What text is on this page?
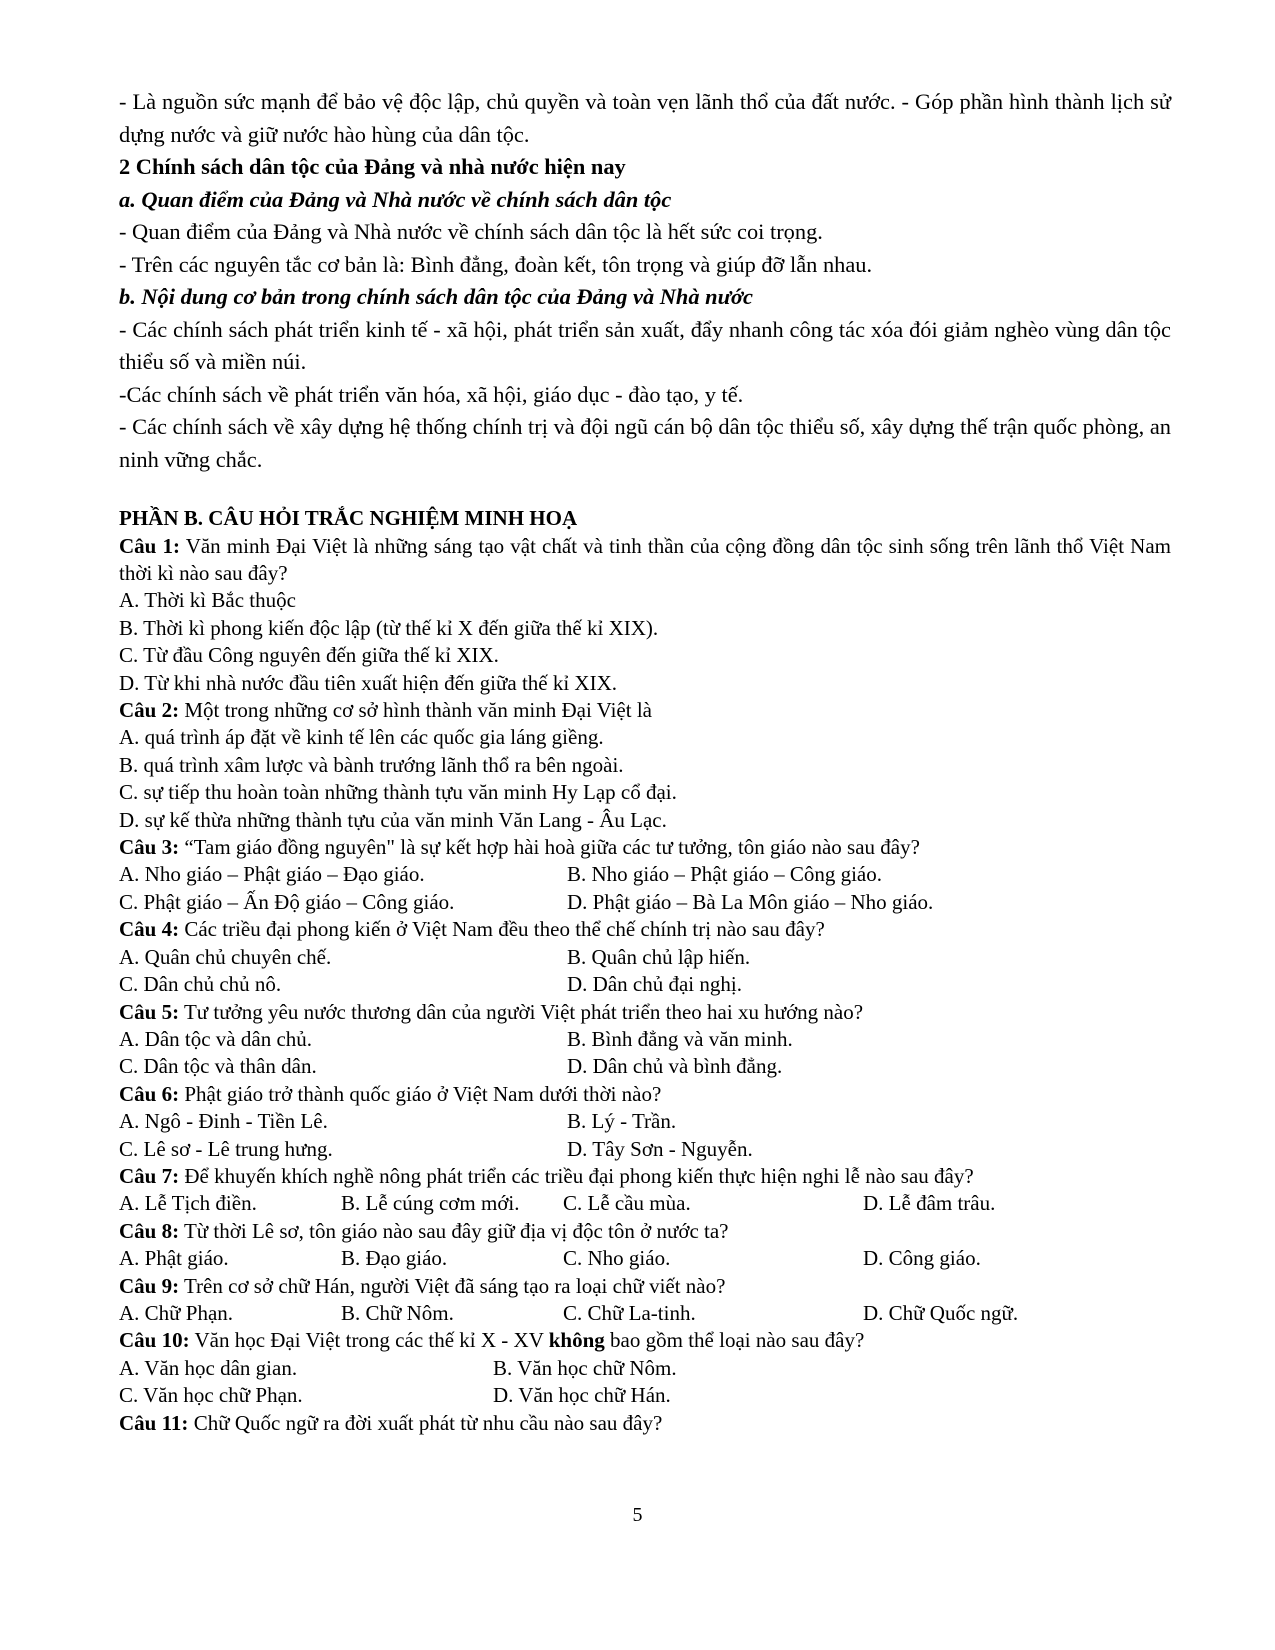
- Là nguồn sức mạnh để bảo vệ độc lập, chủ quyền và toàn vẹn lãnh thổ của đất nước. - Góp phần hình thành lịch sử dựng nước và giữ nước hào hùng của dân tộc.

2 Chính sách dân tộc của Đảng và nhà nước hiện nay
a. Quan điểm của Đảng và Nhà nước về chính sách dân tộc

- Quan điểm của Đảng và Nhà nước về chính sách dân tộc là hết sức coi trọng.

- Trên các nguyên tắc cơ bản là: Bình đẳng, đoàn kết, tôn trọng và giúp đỡ lẫn nhau.

b. Nội dung cơ bản trong chính sách dân tộc của Đảng và Nhà nước

- Các chính sách phát triển kinh tế - xã hội, phát triển sản xuất, đẩy nhanh công tác xóa đói giảm nghèo vùng dân tộc thiểu số và miền núi.

-Các chính sách về phát triển văn hóa, xã hội, giáo dục - đào tạo, y tế.

- Các chính sách về xây dựng hệ thống chính trị và đội ngũ cán bộ dân tộc thiểu số, xây dựng thế trận quốc phòng, an ninh vững chắc.

PHẦN B. CÂU HỎI TRẮC NGHIỆM MINH HOẠ

Câu 1: Văn minh Đại Việt là những sáng tạo vật chất và tinh thần của cộng đồng dân tộc sinh sống trên lãnh thổ Việt Nam thời kì nào sau đây?

A. Thời kì Bắc thuộc

B. Thời kì phong kiến độc lập (từ thế kỉ X đến giữa thế kỉ XIX).

C. Từ đầu Công nguyên đến giữa thế kỉ XIX.

D. Từ khi nhà nước đầu tiên xuất hiện đến giữa thế kỉ XIX.

Câu 2: Một trong những cơ sở hình thành văn minh Đại Việt là

A. quá trình áp đặt về kinh tế lên các quốc gia láng giềng.

B. quá trình xâm lược và bành trướng lãnh thổ ra bên ngoài.

C. sự tiếp thu hoàn toàn những thành tựu văn minh Hy Lạp cổ đại.

D. sự kế thừa những thành tựu của văn minh Văn Lang - Âu Lạc.

Câu 3: “Tam giáo đồng nguyên" là sự kết hợp hài hoà giữa các tư tưởng, tôn giáo nào sau đây?

A. Nho giáo – Phật giáo – Đạo giáo.	B. Nho giáo – Phật giáo – Công giáo.

C. Phật giáo – Ấn Độ giáo – Công giáo.	D. Phật giáo – Bà La Môn giáo – Nho giáo.

Câu 4: Các triều đại phong kiến ở Việt Nam đều theo thể chế chính trị nào sau đây?

A. Quân chủ chuyên chế.	B. Quân chủ lập hiến.

C. Dân chủ chủ nô.	D. Dân chủ đại nghị.

Câu 5: Tư tưởng yêu nước thương dân của người Việt phát triển theo hai xu hướng nào?

A. Dân tộc và dân chủ.	B. Bình đẳng và văn minh.

C. Dân tộc và thân dân.	D. Dân chủ và bình đẳng.

Câu 6: Phật giáo trở thành quốc giáo ở Việt Nam dưới thời nào?

A. Ngô - Đinh - Tiền Lê.	B. Lý - Trần.

C. Lê sơ - Lê trung hưng.	D. Tây Sơn - Nguyễn.

Câu 7: Để khuyến khích nghề nông phát triển các triều đại phong kiến thực hiện nghi lễ nào sau đây?

A. Lễ Tịch điền.	B. Lễ cúng cơm mới.	C. Lễ cầu mùa.	D. Lễ đâm trâu.

Câu 8: Từ thời Lê sơ, tôn giáo nào sau đây giữ địa vị độc tôn ở nước ta?

A. Phật giáo.	B. Đạo giáo.	C. Nho giáo.	D. Công giáo.

Câu 9: Trên cơ sở chữ Hán, người Việt đã sáng tạo ra loại chữ viết nào?

A. Chữ Phạn.	B. Chữ Nôm.	C. Chữ La-tinh.	D. Chữ Quốc ngữ.

Câu 10: Văn học Đại Việt trong các thế kỉ X - XV không bao gồm thể loại nào sau đây?

A. Văn học dân gian.	B. Văn học chữ Nôm.

C. Văn học chữ Phạn.	D. Văn học chữ Hán.

Câu 11: Chữ Quốc ngữ ra đời xuất phát từ nhu cầu nào sau đây?

5
